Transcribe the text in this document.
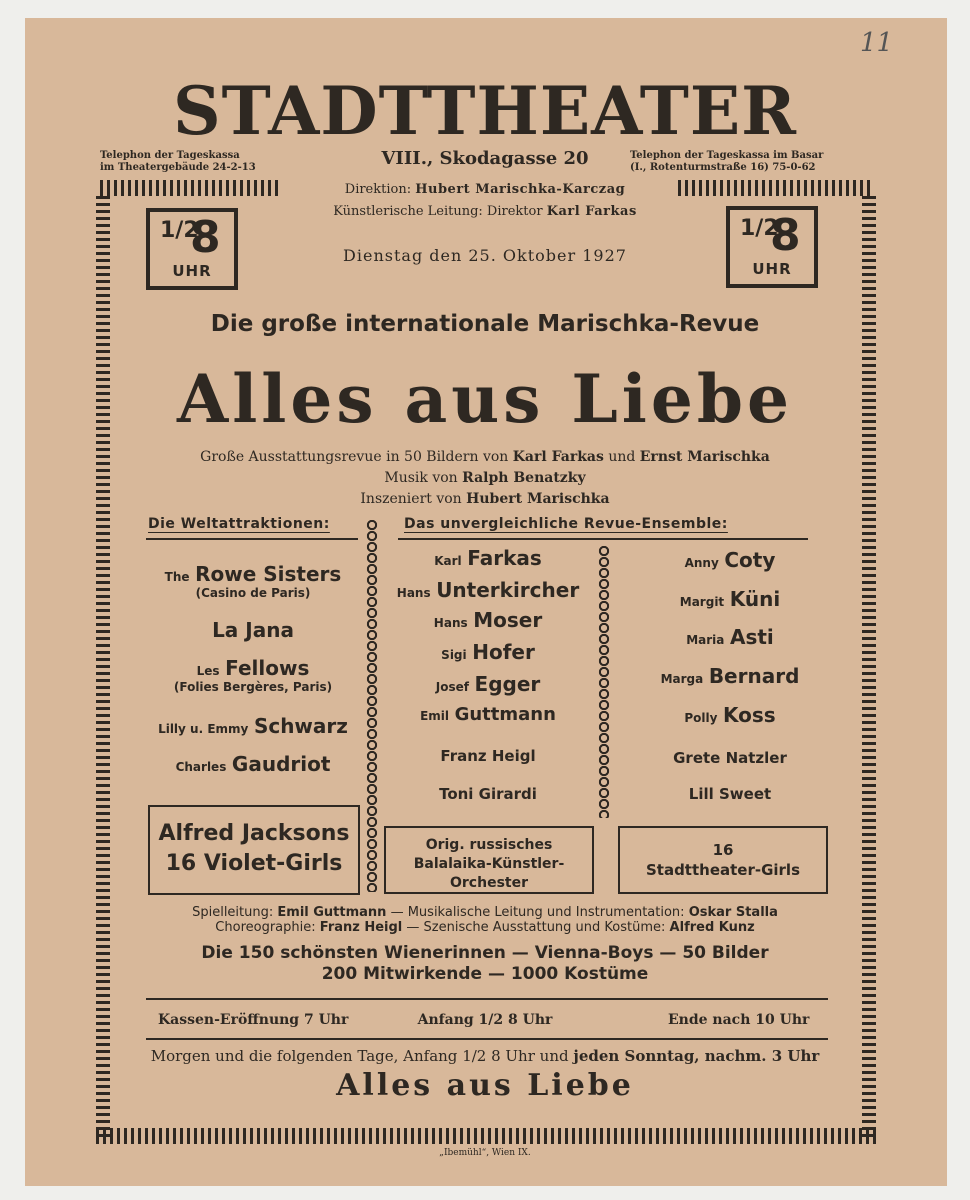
11
STADTTHEATER
Telephon der Tageskassa
im Theatergebäude 24-2-13	VIII., Skodagasse 20	Telephon der Tageskassa im Basar
(I., Rotenturmstraße 16) 75-0-62
Direktion: Hubert Marischka-Karczag
Künstlerische Leitung: Direktor Karl Farkas
1/2
8
UHR
1/2
8
UHR
Dienstag den 25. Oktober 1927
Die große internationale Marischka-Revue
Alles aus Liebe
Große Ausstattungsrevue in 50 Bildern von Karl Farkas und Ernst Marischka
Musik von Ralph Benatzky
Inszeniert von Hubert Marischka
Die Weltattraktionen:	Das unvergleichliche Revue-Ensemble:
The Rowe Sisters
(Casino de Paris)
La Jana
Les Fellows
(Folies Bergères, Paris)
Lilly u. Emmy Schwarz
Charles Gaudriot
Alfred Jacksons
16 Violet-Girls
Karl Farkas
Hans Unterkircher
Hans Moser
Sigi Hofer
Josef Egger
Emil Guttmann
Franz Heigl
Toni Girardi
Orig. russisches
Balalaika-Künstler-
Orchester
Anny Coty
Margit Küni
Maria Asti
Marga Bernard
Polly Koss
Grete Natzler
Lill Sweet
16
Stadttheater-Girls
Spielleitung: Emil Guttmann — Musikalische Leitung und Instrumentation: Oskar Stalla
Choreographie: Franz Heigl — Szenische Ausstattung und Kostüme: Alfred Kunz
Die 150 schönsten Wienerinnen — Vienna-Boys — 50 Bilder
200 Mitwirkende — 1000 Kostüme
Kassen-Eröffnung 7 Uhr	Anfang 1/2 8 Uhr	Ende nach 10 Uhr
Morgen und die folgenden Tage, Anfang 1/2 8 Uhr und jeden Sonntag, nachm. 3 Uhr
Alles aus Liebe
„Ibemühl“, Wien IX.
